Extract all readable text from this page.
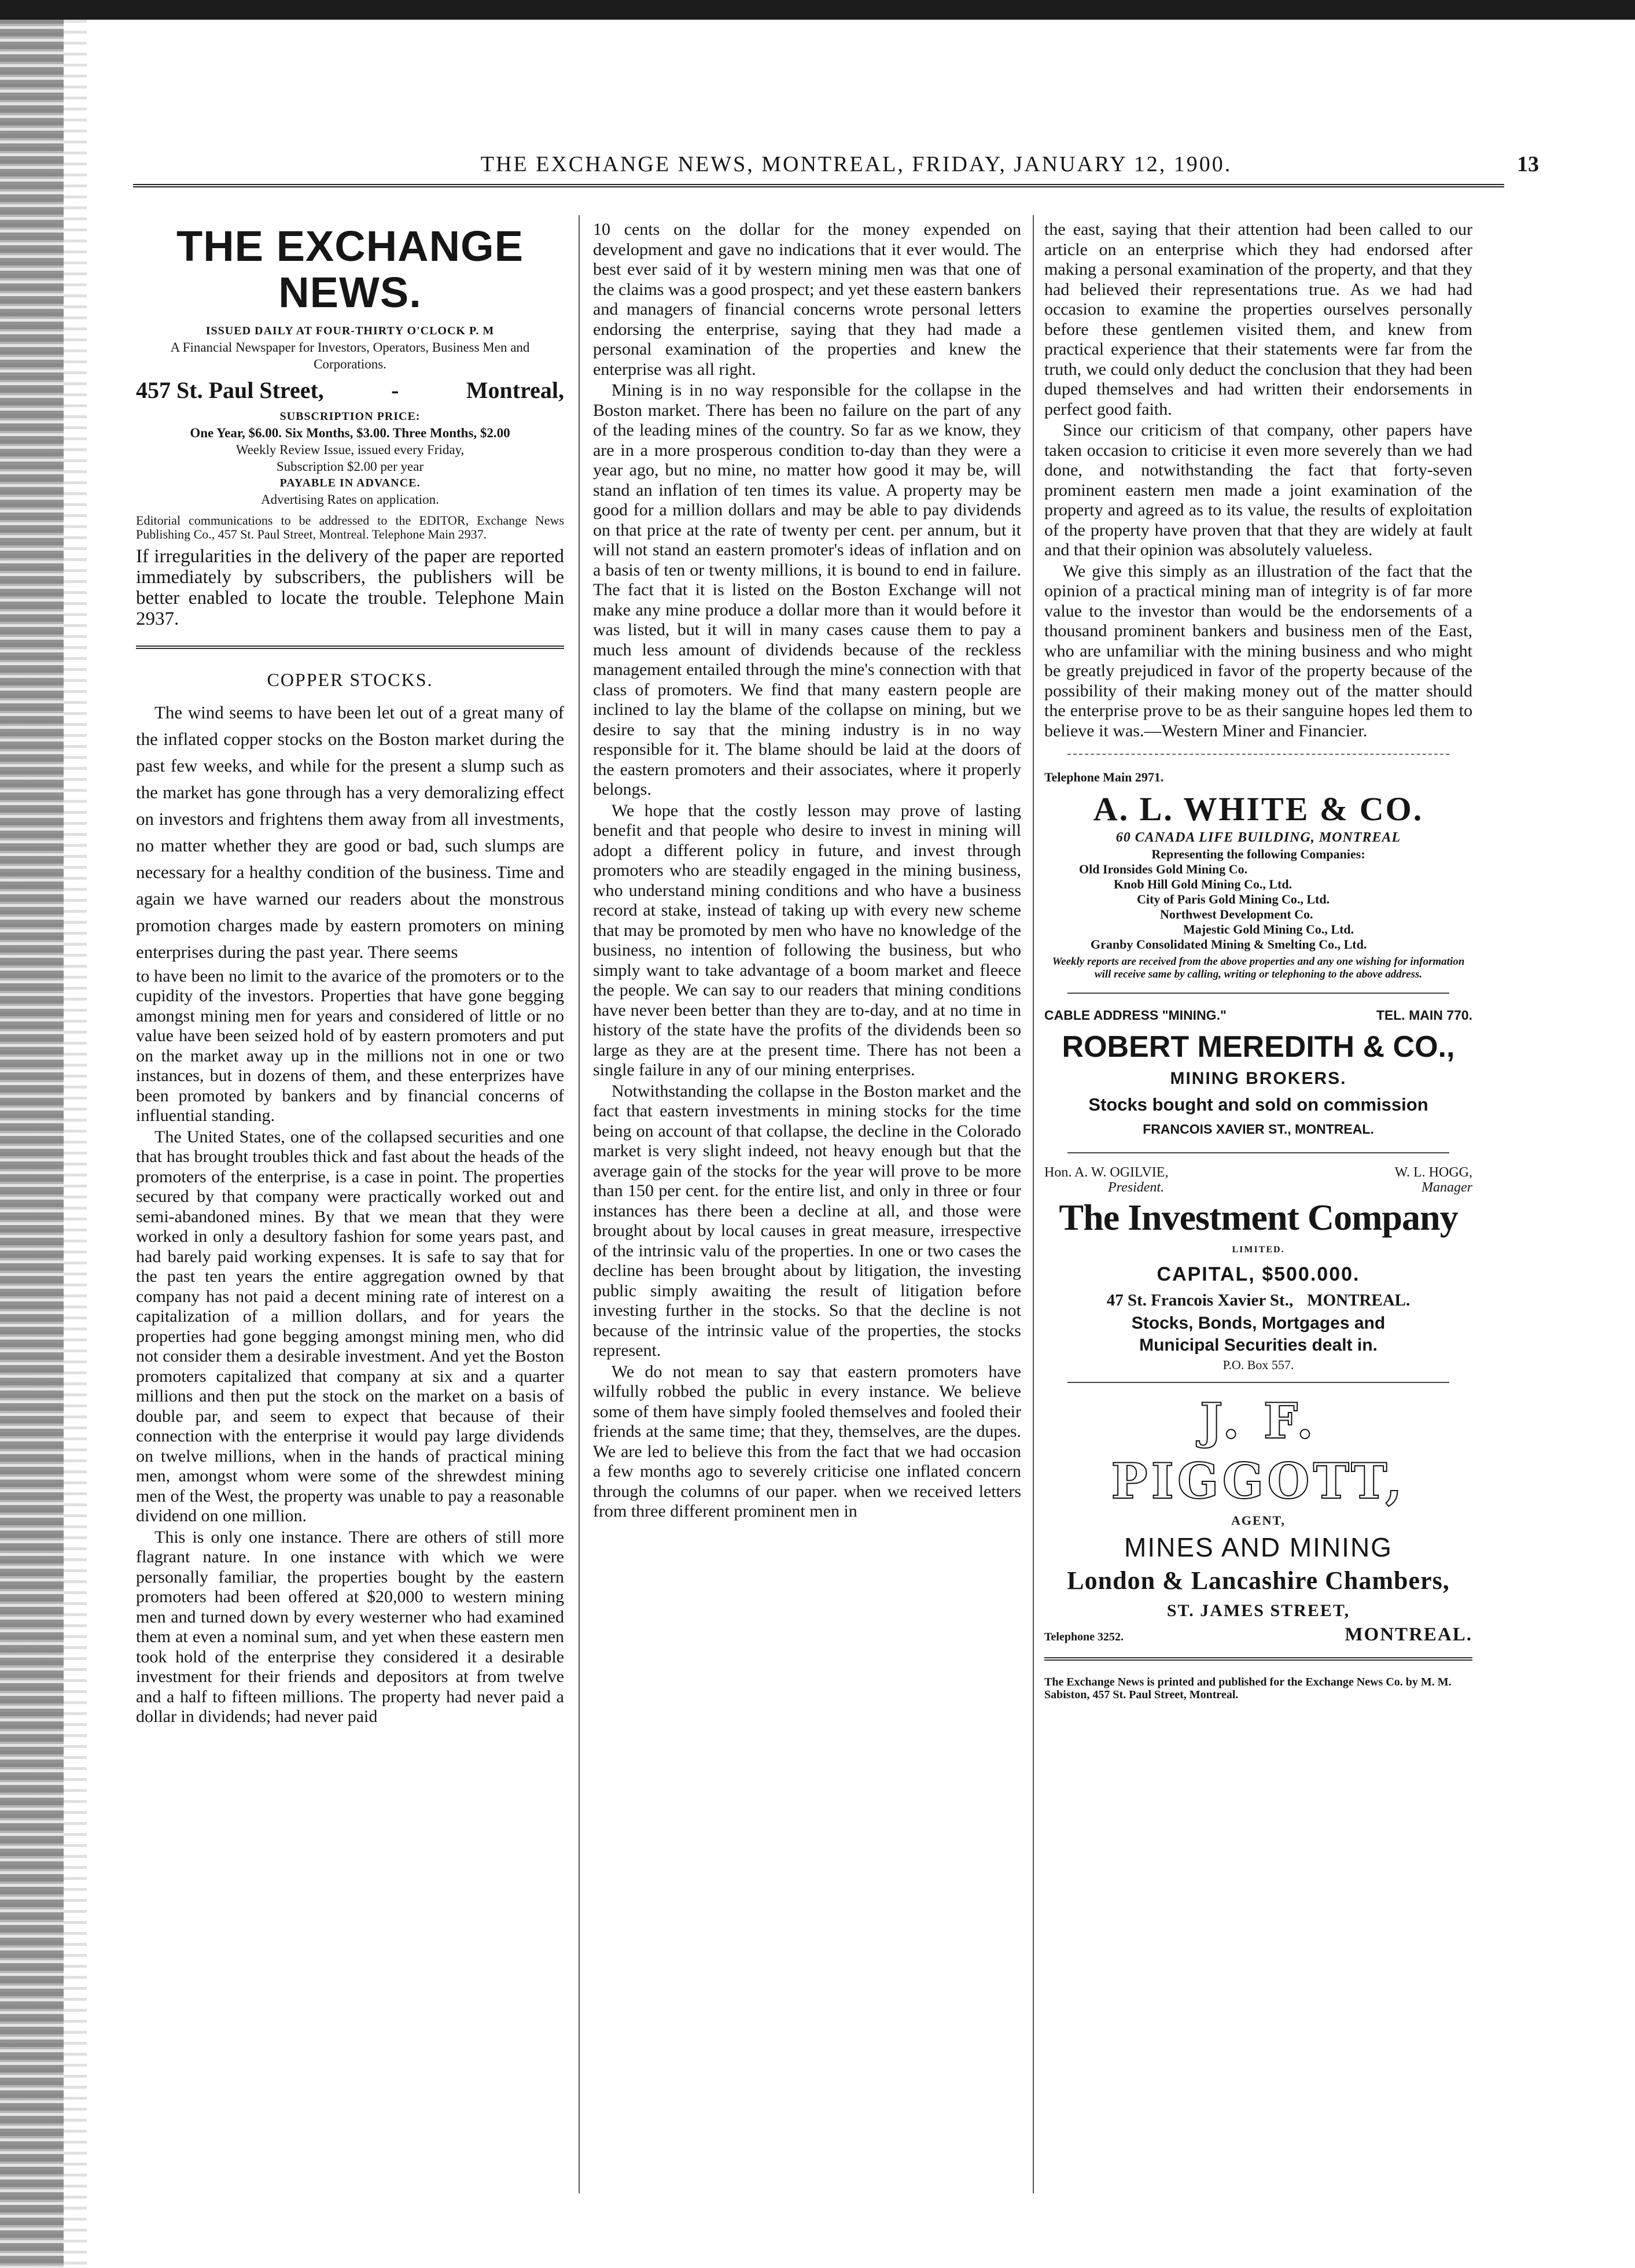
THE EXCHANGE NEWS, MONTREAL, FRIDAY, JANUARY 12, 1900.	13
THE EXCHANGE NEWS.
ISSUED DAILY AT FOUR-THIRTY O'CLOCK P. M
A Financial Newspaper for Investors, Operators, Business Men and Corporations.
457 St. Paul Street,	-	Montreal,
SUBSCRIPTION PRICE:
One Year, $6.00. Six Months, $3.00. Three Months, $2.00
Weekly Review Issue, issued every Friday,
Subscription $2.00 per year
PAYABLE IN ADVANCE.
Advertising Rates on application.
Editorial communications to be addressed to the EDITOR, Exchange News Publishing Co., 457 St. Paul Street, Montreal. Telephone Main 2937.
If irregularities in the delivery of the paper are reported immediately by subscribers, the publishers will be better enabled to locate the trouble. Telephone Main 2937.
COPPER STOCKS.

The wind seems to have been let out of a great many of the inflated copper stocks on the Boston market during the past few weeks, and while for the present a slump such as the market has gone through has a very demoralizing effect on investors and frightens them away from all investments, no matter whether they are good or bad, such slumps are necessary for a healthy condition of the business. Time and again we have warned our readers about the monstrous promotion charges made by eastern promoters on mining enterprises during the past year. There seems

to have been no limit to the avarice of the promoters or to the cupidity of the investors. Properties that have gone begging amongst mining men for years and considered of little or no value have been seized hold of by eastern promoters and put on the market away up in the millions not in one or two instances, but in dozens of them, and these enterprizes have been promoted by bankers and by financial concerns of influential standing.

The United States, one of the collapsed securities and one that has brought troubles thick and fast about the heads of the promoters of the enterprise, is a case in point. The properties secured by that company were practically worked out and semi-abandoned mines. By that we mean that they were worked in only a desultory fashion for some years past, and had barely paid working expenses. It is safe to say that for the past ten years the entire aggregation owned by that company has not paid a decent mining rate of interest on a capitalization of a million dollars, and for years the properties had gone begging amongst mining men, who did not consider them a desirable investment. And yet the Boston promoters capitalized that company at six and a quarter millions and then put the stock on the market on a basis of double par, and seem to expect that because of their connection with the enterprise it would pay large dividends on twelve millions, when in the hands of practical mining men, amongst whom were some of the shrewdest mining men of the West, the property was unable to pay a reasonable dividend on one million.

This is only one instance. There are others of still more flagrant nature. In one instance with which we were personally familiar, the properties bought by the eastern promoters had been offered at $20,000 to western mining men and turned down by every westerner who had examined them at even a nominal sum, and yet when these eastern men took hold of the enterprise they considered it a desirable investment for their friends and depositors at from twelve and a half to fifteen millions. The property had never paid a dollar in dividends; had never paid

10 cents on the dollar for the money expended on development and gave no indications that it ever would. The best ever said of it by western mining men was that one of the claims was a good prospect; and yet these eastern bankers and managers of financial concerns wrote personal letters endorsing the enterprise, saying that they had made a personal examination of the properties and knew the enterprise was all right.

Mining is in no way responsible for the collapse in the Boston market. There has been no failure on the part of any of the leading mines of the country. So far as we know, they are in a more prosperous condition to-day than they were a year ago, but no mine, no matter how good it may be, will stand an inflation of ten times its value. A property may be good for a million dollars and may be able to pay dividends on that price at the rate of twenty per cent. per annum, but it will not stand an eastern promoter's ideas of inflation and on a basis of ten or twenty millions, it is bound to end in failure. The fact that it is listed on the Boston Exchange will not make any mine produce a dollar more than it would before it was listed, but it will in many cases cause them to pay a much less amount of dividends because of the reckless management entailed through the mine's connection with that class of promoters. We find that many eastern people are inclined to lay the blame of the collapse on mining, but we desire to say that the mining industry is in no way responsible for it. The blame should be laid at the doors of the eastern promoters and their associates, where it properly belongs.

We hope that the costly lesson may prove of lasting benefit and that people who desire to invest in mining will adopt a different policy in future, and invest through promoters who are steadily engaged in the mining business, who understand mining conditions and who have a business record at stake, instead of taking up with every new scheme that may be promoted by men who have no knowledge of the business, no intention of following the business, but who simply want to take advantage of a boom market and fleece the people. We can say to our readers that mining conditions have never been better than they are to-day, and at no time in history of the state have the profits of the dividends been so large as they are at the present time. There has not been a single failure in any of our mining enterprises.

Notwithstanding the collapse in the Boston market and the fact that eastern investments in mining stocks for the time being on account of that collapse, the decline in the Colorado market is very slight indeed, not heavy enough but that the average gain of the stocks for the year will prove to be more than 150 per cent. for the entire list, and only in three or four instances has there been a decline at all, and those were brought about by local causes in great measure, irrespective of the intrinsic valu of the properties. In one or two cases the decline has been brought about by litigation, the investing public simply awaiting the result of litigation before investing further in the stocks. So that the decline is not because of the intrinsic value of the properties, the stocks represent.

We do not mean to say that eastern promoters have wilfully robbed the public in every instance. We believe some of them have simply fooled themselves and fooled their friends at the same time; that they, themselves, are the dupes. We are led to believe this from the fact that we had occasion a few months ago to severely criticise one inflated concern through the columns of our paper. when we received letters from three different prominent men in

the east, saying that their attention had been called to our article on an enterprise which they had endorsed after making a personal examination of the property, and that they had believed their representations true. As we had had occasion to examine the properties ourselves personally before these gentlemen visited them, and knew from practical experience that their statements were far from the truth, we could only deduct the conclusion that they had been duped themselves and had written their endorsements in perfect good faith.

Since our criticism of that company, other papers have taken occasion to criticise it even more severely than we had done, and notwithstanding the fact that forty-seven prominent eastern men made a joint examination of the property and agreed as to its value, the results of exploitation of the property have proven that that they are widely at fault and that their opinion was absolutely valueless.

We give this simply as an illustration of the fact that the opinion of a practical mining man of integrity is of far more value to the investor than would be the endorsements of a thousand prominent bankers and business men of the East, who are unfamiliar with the mining business and who might be greatly prejudiced in favor of the property because of the possibility of their making money out of the matter should the enterprise prove to be as their sanguine hopes led them to believe it was.—Western Miner and Financier.

Telephone Main 2971.
A. L. WHITE & CO.
60 CANADA LIFE BUILDING, MONTREAL
Representing the following Companies:
Old Ironsides Gold Mining Co.
Knob Hill Gold Mining Co., Ltd.
City of Paris Gold Mining Co., Ltd.
Northwest Development Co.
Majestic Gold Mining Co., Ltd.
Granby Consolidated Mining & Smelting Co., Ltd.
Weekly reports are received from the above properties and any one wishing for information will receive same by calling, writing or telephoning to the above address.
CABLE ADDRESS "MINING."	TEL. MAIN 770.
ROBERT MEREDITH & CO.,
MINING BROKERS.
Stocks bought and sold on commission
FRANCOIS XAVIER ST., MONTREAL.
Hon. A. W. OGILVIE,
President.
W. L. HOGG,
Manager
The Investment Company
LIMITED.
CAPITAL, $500.000.
47 St. Francois Xavier St., MONTREAL.
Stocks, Bonds, Mortgages and
Municipal Securities dealt in.
P.O. Box 557.
J. F. PIGGOTT,
AGENT,
MINES AND MINING
London & Lancashire Chambers,
ST. JAMES STREET,
Telephone 3252.	MONTREAL.
The Exchange News is printed and published for the Exchange News Co. by M. M. Sabiston, 457 St. Paul Street, Montreal.
